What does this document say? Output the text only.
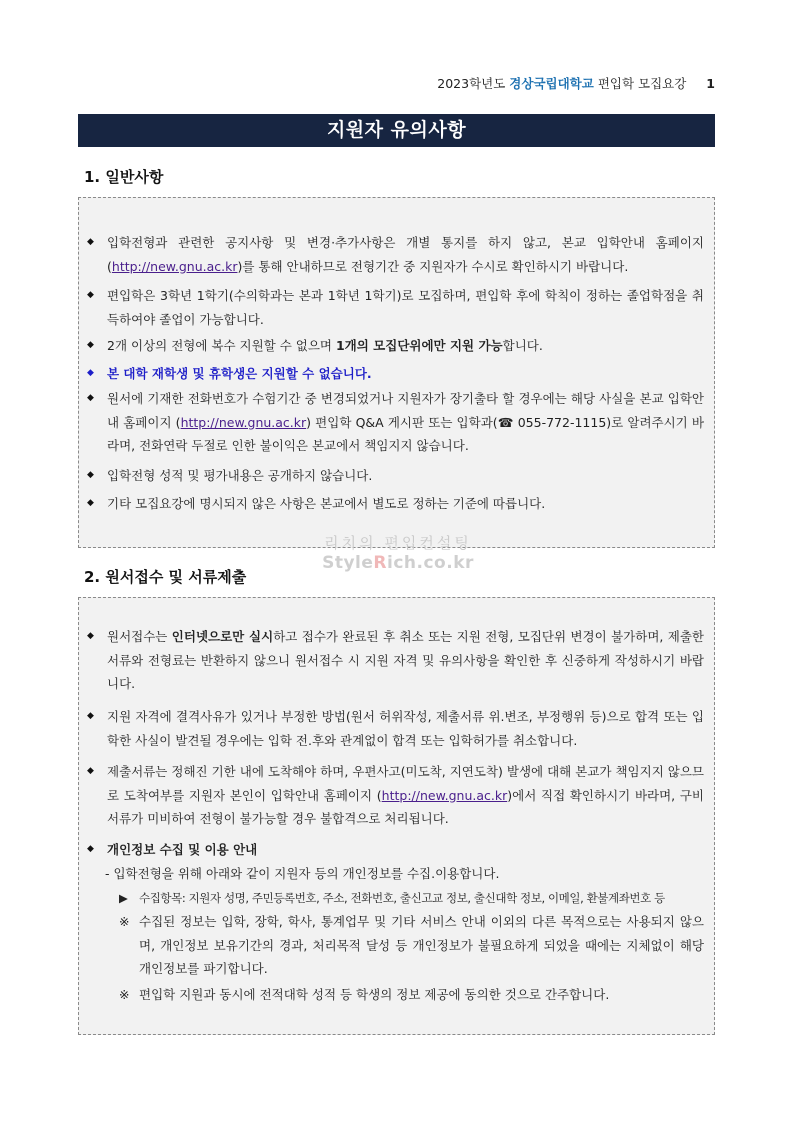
2023학년도 경상국립대학교 편입학 모집요강 1
지원자 유의사항
1. 일반사항
◆	입학전형과 관련한 공지사항 및 변경·추가사항은 개별 통지를 하지 않고, 본교 입학안내 홈페이지 (http://new.gnu.ac.kr)를 통해 안내하므로 전형기간 중 지원자가 수시로 확인하시기 바랍니다.
◆	편입학은 3학년 1학기(수의학과는 본과 1학년 1학기)로 모집하며, 편입학 후에 학칙이 정하는 졸업학점을 취득하여야 졸업이 가능합니다.
◆	2개 이상의 전형에 복수 지원할 수 없으며 1개의 모집단위에만 지원 가능합니다.
◆	본 대학 재학생 및 휴학생은 지원할 수 없습니다.
◆	원서에 기재한 전화번호가 수험기간 중 변경되었거나 지원자가 장기출타 할 경우에는 해당 사실을 본교 입학안내 홈페이지 (http://new.gnu.ac.kr) 편입학 Q&A 게시판 또는 입학과(☎ 055-772-1115)로 알려주시기 바라며, 전화연락 두절로 인한 불이익은 본교에서 책임지지 않습니다.
◆	입학전형 성적 및 평가내용은 공개하지 않습니다.
◆	기타 모집요강에 명시되지 않은 사항은 본교에서 별도로 정하는 기준에 따릅니다.
리치의 편입컨설팅
StyleRich.co.kr
2. 원서접수 및 서류제출
◆	원서접수는 인터넷으로만 실시하고 접수가 완료된 후 취소 또는 지원 전형, 모집단위 변경이 불가하며, 제출한 서류와 전형료는 반환하지 않으니 원서접수 시 지원 자격 및 유의사항을 확인한 후 신중하게 작성하시기 바랍니다.
◆	지원 자격에 결격사유가 있거나 부정한 방법(원서 허위작성, 제출서류 위.변조, 부정행위 등)으로 합격 또는 입학한 사실이 발견될 경우에는 입학 전.후와 관계없이 합격 또는 입학허가를 취소합니다.
◆	제출서류는 정해진 기한 내에 도착해야 하며, 우편사고(미도착, 지연도착) 발생에 대해 본교가 책임지지 않으므로 도착여부를 지원자 본인이 입학안내 홈페이지 (http://new.gnu.ac.kr)에서 직접 확인하시기 바라며, 구비 서류가 미비하여 전형이 불가능할 경우 불합격으로 처리됩니다.
◆	개인정보 수집 및 이용 안내
- 입학전형을 위해 아래와 같이 지원자 등의 개인정보를 수집.이용합니다.
▶ 수집항목: 지원자 성명, 주민등록번호, 주소, 전화번호, 출신고교 정보, 출신대학 정보, 이메일, 환불계좌번호 등
※ 수집된 정보는 입학, 장학, 학사, 통계업무 및 기타 서비스 안내 이외의 다른 목적으로는 사용되지 않으며, 개인정보 보유기간의 경과, 처리목적 달성 등 개인정보가 불필요하게 되었을 때에는 지체없이 해당 개인정보를 파기합니다.
※ 편입학 지원과 동시에 전적대학 성적 등 학생의 정보 제공에 동의한 것으로 간주합니다.
